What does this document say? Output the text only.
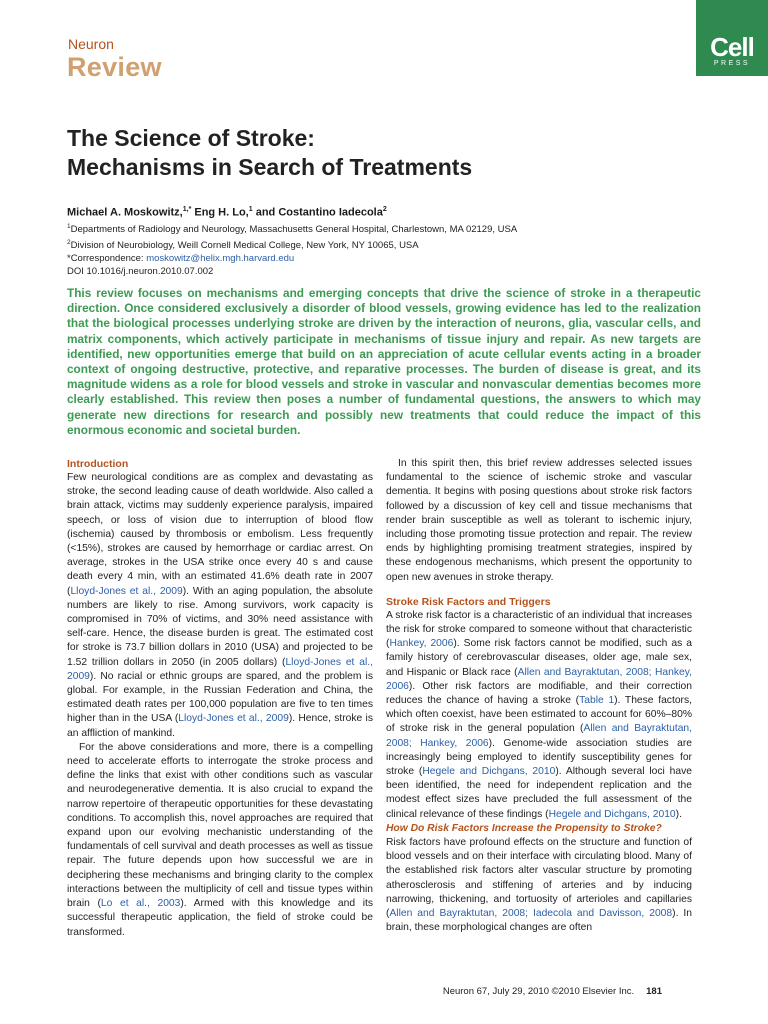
Neuron
Review
Cell
PRESS
The Science of Stroke:
Mechanisms in Search of Treatments
Michael A. Moskowitz,$^{1,*}$ Eng H. Lo,$^1$ and Costantino Iadecola$^2$
$^1$Departments of Radiology and Neurology, Massachusetts General Hospital, Charlestown, MA 02129, USA
$^2$Division of Neurobiology, Weill Cornell Medical College, New York, NY 10065, USA
*Correspondence: moskowitz@helix.mgh.harvard.edu
DOI 10.1016/j.neuron.2010.07.002
This review focuses on mechanisms and emerging concepts that drive the science of stroke in a therapeutic direction. Once considered exclusively a disorder of blood vessels, growing evidence has led to the realization that the biological processes underlying stroke are driven by the interaction of neurons, glia, vascular cells, and matrix components, which actively participate in mechanisms of tissue injury and repair. As new targets are identified, new opportunities emerge that build on an appreciation of acute cellular events acting in a broader context of ongoing destructive, protective, and reparative processes. The burden of disease is great, and its magnitude widens as a role for blood vessels and stroke in vascular and nonvascular dementias becomes more clearly established. This review then poses a number of fundamental questions, the answers to which may generate new directions for research and possibly new treatments that could reduce the impact of this enormous economic and societal burden.
Introduction

Few neurological conditions are as complex and devastating as stroke, the second leading cause of death worldwide. Also called a brain attack, victims may suddenly experience paralysis, impaired speech, or loss of vision due to interruption of blood flow (ischemia) caused by thrombosis or embolism. Less frequently (<15%), strokes are caused by hemorrhage or cardiac arrest. On average, strokes in the USA strike once every 40 s and cause death every 4 min, with an estimated 41.6% death rate in 2007 (Lloyd-Jones et al., 2009). With an aging population, the absolute numbers are likely to rise. Among survivors, work capacity is compromised in 70% of victims, and 30% need assistance with self-care. Hence, the disease burden is great. The estimated cost for stroke is 73.7 billion dollars in 2010 (USA) and projected to be 1.52 trillion dollars in 2050 (in 2005 dollars) (Lloyd-Jones et al., 2009). No racial or ethnic groups are spared, and the problem is global. For example, in the Russian Federation and China, the estimated death rates per 100,000 population are five to ten times higher than in the USA (Lloyd-Jones et al., 2009). Hence, stroke is an affliction of mankind.

For the above considerations and more, there is a compelling need to accelerate efforts to interrogate the stroke process and define the links that exist with other conditions such as vascular and neurodegenerative dementia. It is also crucial to expand the narrow repertoire of therapeutic opportunities for these devastating conditions. To accomplish this, novel approaches are required that expand upon our evolving mechanistic understanding of the fundamentals of cell survival and death processes as well as tissue repair. The future depends upon how successful we are in deciphering these mechanisms and bringing clarity to the complex interactions between the multiplicity of cell and tissue types within brain (Lo et al., 2003). Armed with this knowledge and its successful therapeutic application, the field of stroke could be transformed.

In this spirit then, this brief review addresses selected issues fundamental to the science of ischemic stroke and vascular dementia. It begins with posing questions about stroke risk factors followed by a discussion of key cell and tissue mechanisms that render brain susceptible as well as tolerant to ischemic injury, including those promoting tissue protection and repair. The review ends by highlighting promising treatment strategies, inspired by these endogenous mechanisms, which present the opportunity to open new avenues in stroke therapy.

Stroke Risk Factors and Triggers

A stroke risk factor is a characteristic of an individual that increases the risk for stroke compared to someone without that characteristic (Hankey, 2006). Some risk factors cannot be modified, such as a family history of cerebrovascular diseases, older age, male sex, and Hispanic or Black race (Allen and Bayraktutan, 2008; Hankey, 2006). Other risk factors are modifiable, and their correction reduces the chance of having a stroke (Table 1). These factors, which often coexist, have been estimated to account for 60%–80% of stroke risk in the general population (Allen and Bayraktutan, 2008; Hankey, 2006). Genome-wide association studies are increasingly being employed to identify susceptibility genes for stroke (Hegele and Dichgans, 2010). Although several loci have been identified, the need for independent replication and the modest effect sizes have precluded the full assessment of the clinical relevance of these findings (Hegele and Dichgans, 2010).

How Do Risk Factors Increase the Propensity to Stroke?

Risk factors have profound effects on the structure and function of blood vessels and on their interface with circulating blood. Many of the established risk factors alter vascular structure by promoting atherosclerosis and stiffening of arteries and by inducing narrowing, thickening, and tortuosity of arterioles and capillaries (Allen and Bayraktutan, 2008; Iadecola and Davisson, 2008). In brain, these morphological changes are often

Neuron 67, July 29, 2010 ©2010 Elsevier Inc. 181
